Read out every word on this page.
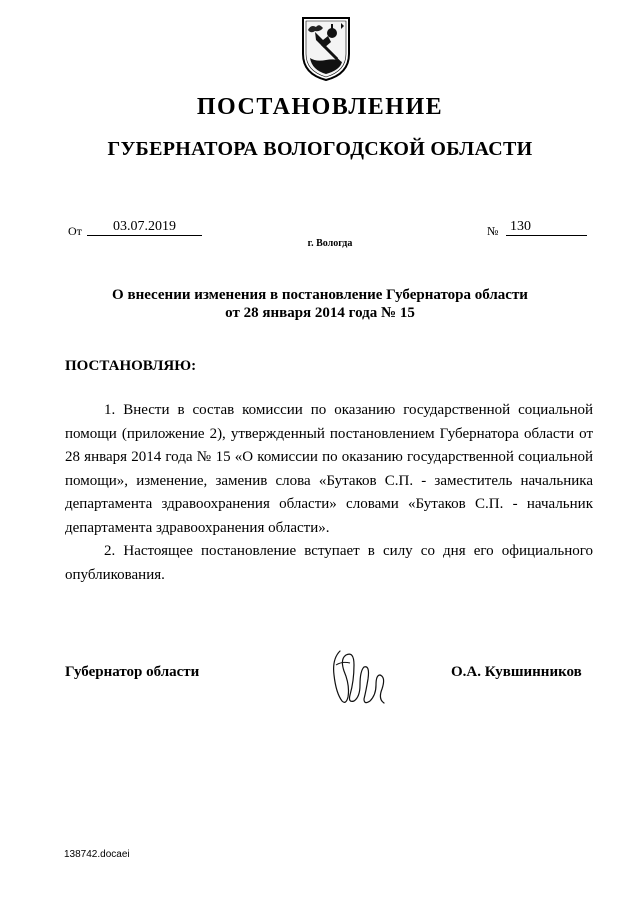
ПОСТАНОВЛЕНИЕ
ГУБЕРНАТОРА ВОЛОГОДСКОЙ ОБЛАСТИ
От	03.07.2019	№ 130
г. Вологда
О внесении изменения в постановление Губернатора области
от 28 января 2014 года № 15
ПОСТАНОВЛЯЮ:

1. Внести в состав комиссии по оказанию государственной социальной помощи (приложение 2), утвержденный постановлением Губернатора области от 28 января 2014 года № 15 «О комиссии по оказанию государственной социальной помощи», изменение, заменив слова «Бутаков С.П. - заместитель начальника департамента здравоохранения области» словами «Бутаков С.П. - начальник департамента здравоохранения области».

2. Настоящее постановление вступает в силу со дня его официального опубликования.

Губернатор области	О.А. Кувшинников
138742.docaei
